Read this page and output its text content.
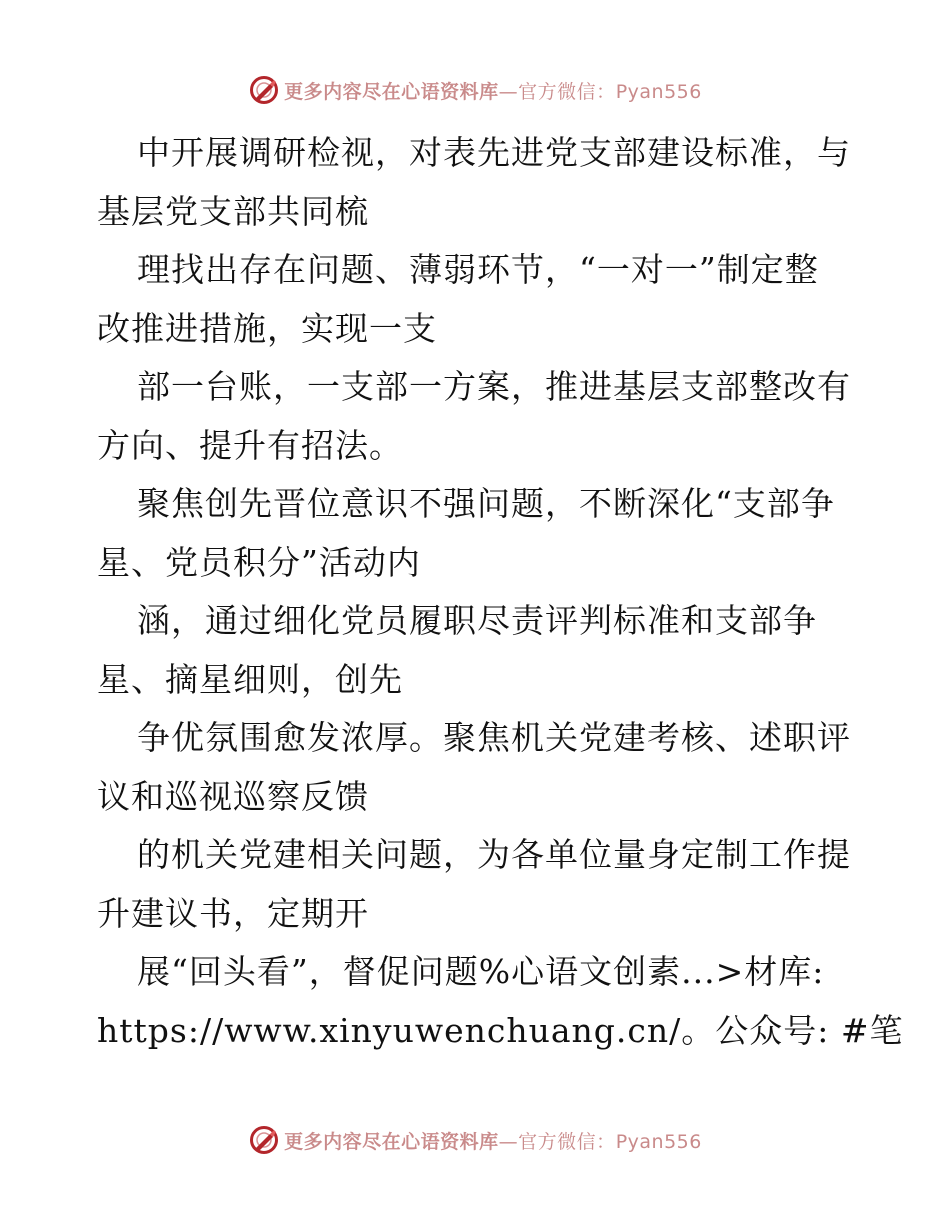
更多内容尽在心语资料库—官方微信：Pyan556
中开展调研检视，对表先进党支部建设标准，与
基层党支部共同梳
理找出存在问题、薄弱环节，“一对一”制定整
改推进措施，实现一支
部一台账，一支部一方案，推进基层支部整改有
方向、提升有招法。
聚焦创先晋位意识不强问题，不断深化“支部争
星、党员积分”活动内
涵，通过细化党员履职尽责评判标准和支部争
星、摘星细则，创先
争优氛围愈发浓厚。聚焦机关党建考核、述职评
议和巡视巡察反馈
的机关党建相关问题，为各单位量身定制工作提
升建议书，定期开
展“回头看”，督促问题%心语文创素...>材库:
https://www.xinyuwenchuang.cn/。公众号: #笔
更多内容尽在心语资料库—官方微信：Pyan556
